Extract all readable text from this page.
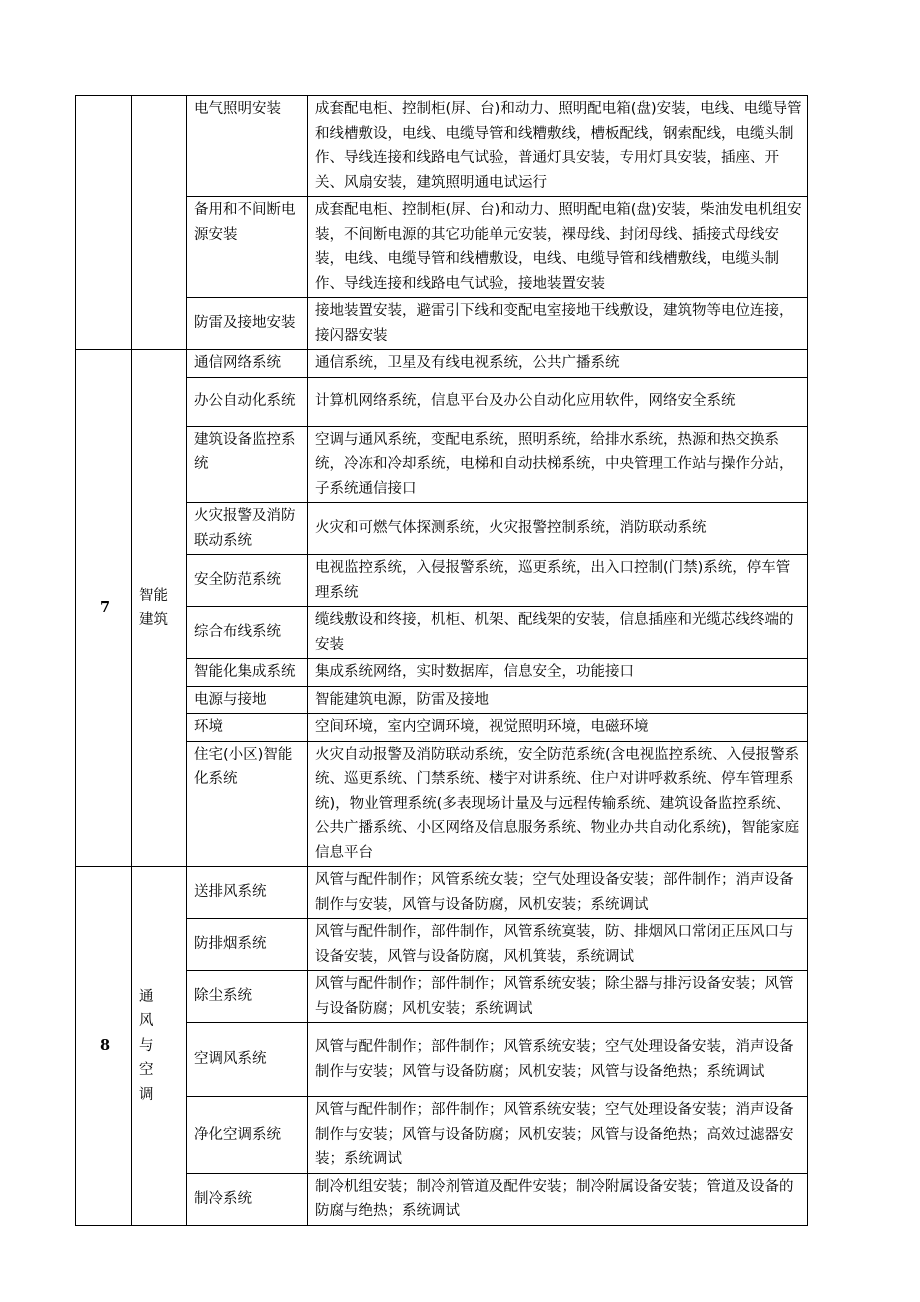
		电气照明安装	成套配电柜、控制柜(屏、台)和动力、照明配电箱(盘)安装，电线、电缆导管和线槽敷设，电线、电缆导管和线糟敷线，槽板配线，钢索配线，电缆头制作、导线连接和线路电气试验，普通灯具安装，专用灯具安装，插座、开关、风扇安装，建筑照明通电试运行
		备用和不间断电源安装	成套配电柜、控制柜(屏、台)和动力、照明配电箱(盘)安装，柴油发电机组安装，不间断电源的其它功能单元安装，裸母线、封闭母线、插接式母线安装，电线、电缆导管和线槽敷设，电线、电缆导管和线槽敷线，电缆头制作、导线连接和线路电气试验，接地装置安装
		防雷及接地安装	接地装置安装，避雷引下线和变配电室接地干线敷设，建筑物等电位连接，接闪器安装
7	智能建筑	通信网络系统	通信系统，卫星及有线电视系统，公共广播系统
		办公自动化系统	计算机网络系统，信息平台及办公自动化应用软件，网络安全系统
		建筑设备监控系统	空调与通风系统，变配电系统，照明系统，给排水系统，热源和热交换系统，冷冻和冷却系统，电梯和自动扶梯系统，中央管理工作站与操作分站，子系统通信接口
		火灾报警及消防联动系统	火灾和可燃气体探测系统，火灾报警控制系统，消防联动系统
		安全防范系统	电视监控系统，入侵报警系统，巡更系统，出入口控制(门禁)系统，停车管理系统
		综合布线系统	缆线敷设和终接，机柜、机架、配线架的安装，信息插座和光缆芯线终端的安装
		智能化集成系统	集成系统网络，实时数据库，信息安全，功能接口
		电源与接地	智能建筑电源，防雷及接地
		环境	空间环境，室内空调环境，视觉照明环境，电磁环境
		住宅(小区)智能化系统	火灾自动报警及消防联动系统，安全防范系统(含电视监控系统、入侵报警系统、巡更系统、门禁系统、楼宇对讲系统、住户对讲呼救系统、停车管理系统)，物业管理系统(多表现场计量及与远程传输系统、建筑设备监控系统、公共广播系统、小区网络及信息服务系统、物业办共自动化系统)，智能家庭信息平台
8	通风与空调	送排风系统	风管与配件制作；风管系统女装；空气处理设备安装；部件制作；消声设备制作与安装，风管与设备防腐，风机安装；系统调试
		防排烟系统	风管与配件制作，部件制作，风管系统寞装，防、排烟风口常闭正压风口与设备安装，风管与设备防腐，风机箕装，系统调试
		除尘系统	风管与配件制作；部件制作；风管系统安装；除尘器与排污设备安装；风管与设备防腐；风机安装；系统调试
		空调风系统	风管与配件制作；部件制作；风管系统安装；空气处理设备安装，消声设备制作与安装；风管与设备防腐；风机安装；风管与设备绝热；系统调试
		净化空调系统	风管与配件制作；部件制作；风管系统安装；空气处理设备安装；消声设备制作与安装；风管与设备防腐；风机安装；风管与设备绝热；高效过滤器安装；系统调试
		制冷系统	制冷机组安装；制冷剂管道及配件安装；制冷附属设备安装；管道及设备的防腐与绝热；系统调试
